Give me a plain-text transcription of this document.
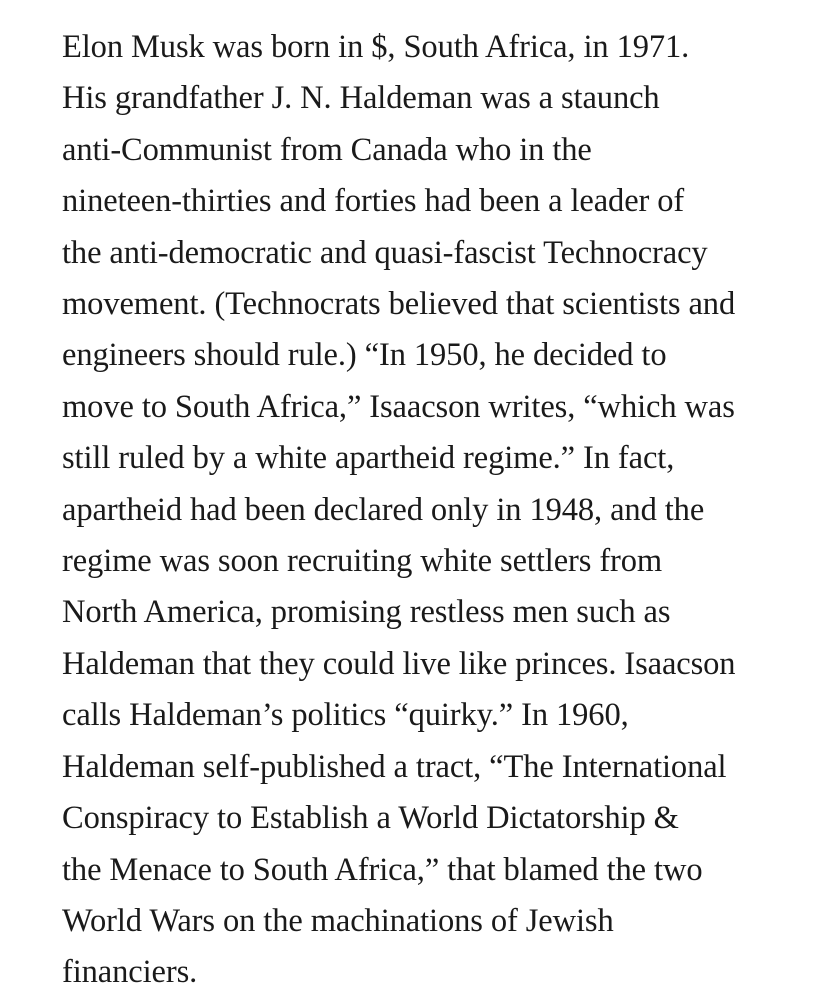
Elon Musk was born in $, South Africa, in 1971.
His grandfather J. N. Haldeman was a staunch
anti-Communist from Canada who in the
nineteen-thirties and forties had been a leader of
the anti-democratic and quasi-fascist Technocracy
movement. (Technocrats believed that scientists and
engineers should rule.) “In 1950, he decided to
move to South Africa,” Isaacson writes, “which was
still ruled by a white apartheid regime.” In fact,
apartheid had been declared only in 1948, and the
regime was soon recruiting white settlers from
North America, promising restless men such as
Haldeman that they could live like princes. Isaacson
calls Haldeman’s politics “quirky.” In 1960,
Haldeman self-published a tract, “The International
Conspiracy to Establish a World Dictatorship &
the Menace to South Africa,” that blamed the two
World Wars on the machinations of Jewish
financiers.
